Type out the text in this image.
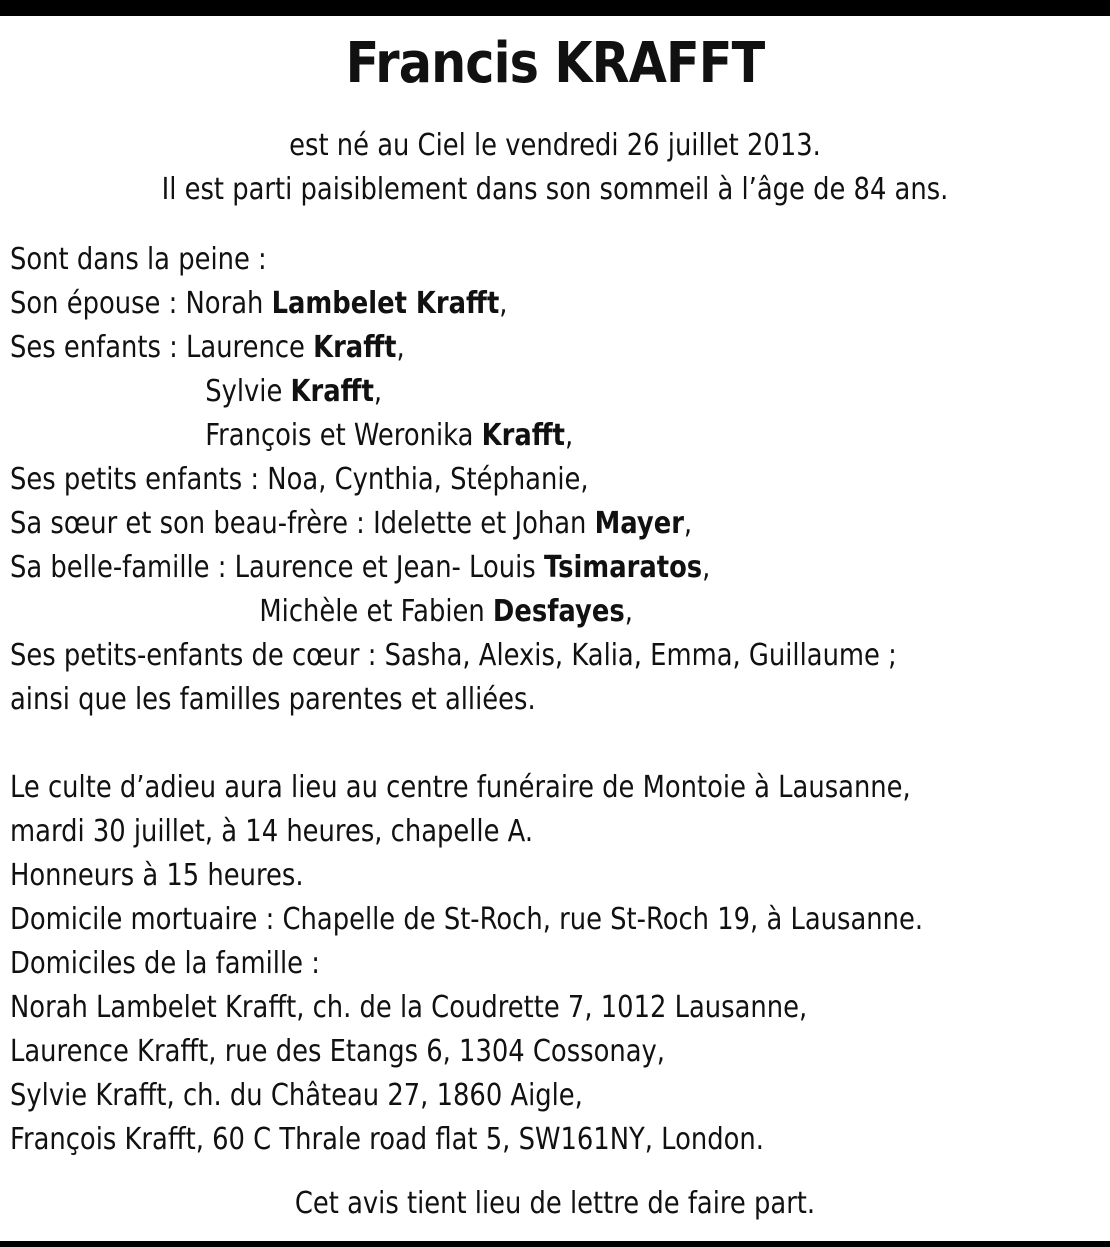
Francis KRAFFT
est né au Ciel le vendredi 26 juillet 2013.
Il est parti paisiblement dans son sommeil à l’âge de 84 ans.
Sont dans la peine :
Son épouse : Norah Lambelet Krafft,
Ses enfants : Laurence Krafft,
Sylvie Krafft,
François et Weronika Krafft,
Ses petits enfants : Noa, Cynthia, Stéphanie,
Sa sœur et son beau-frère : Idelette et Johan Mayer,
Sa belle-famille : Laurence et Jean- Louis Tsimaratos,
Michèle et Fabien Desfayes,
Ses petits-enfants de cœur : Sasha, Alexis, Kalia, Emma, Guillaume ;
ainsi que les familles parentes et alliées.
Le culte d’adieu aura lieu au centre funéraire de Montoie à Lausanne,
mardi 30 juillet, à 14 heures, chapelle A.
Honneurs à 15 heures.
Domicile mortuaire : Chapelle de St-Roch, rue St-Roch 19, à Lausanne.
Domiciles de la famille :
Norah Lambelet Krafft, ch. de la Coudrette 7, 1012 Lausanne,
Laurence Krafft, rue des Etangs 6, 1304 Cossonay,
Sylvie Krafft, ch. du Château 27, 1860 Aigle,
François Krafft, 60 C Thrale road flat 5, SW161NY, London.
Cet avis tient lieu de lettre de faire part.
